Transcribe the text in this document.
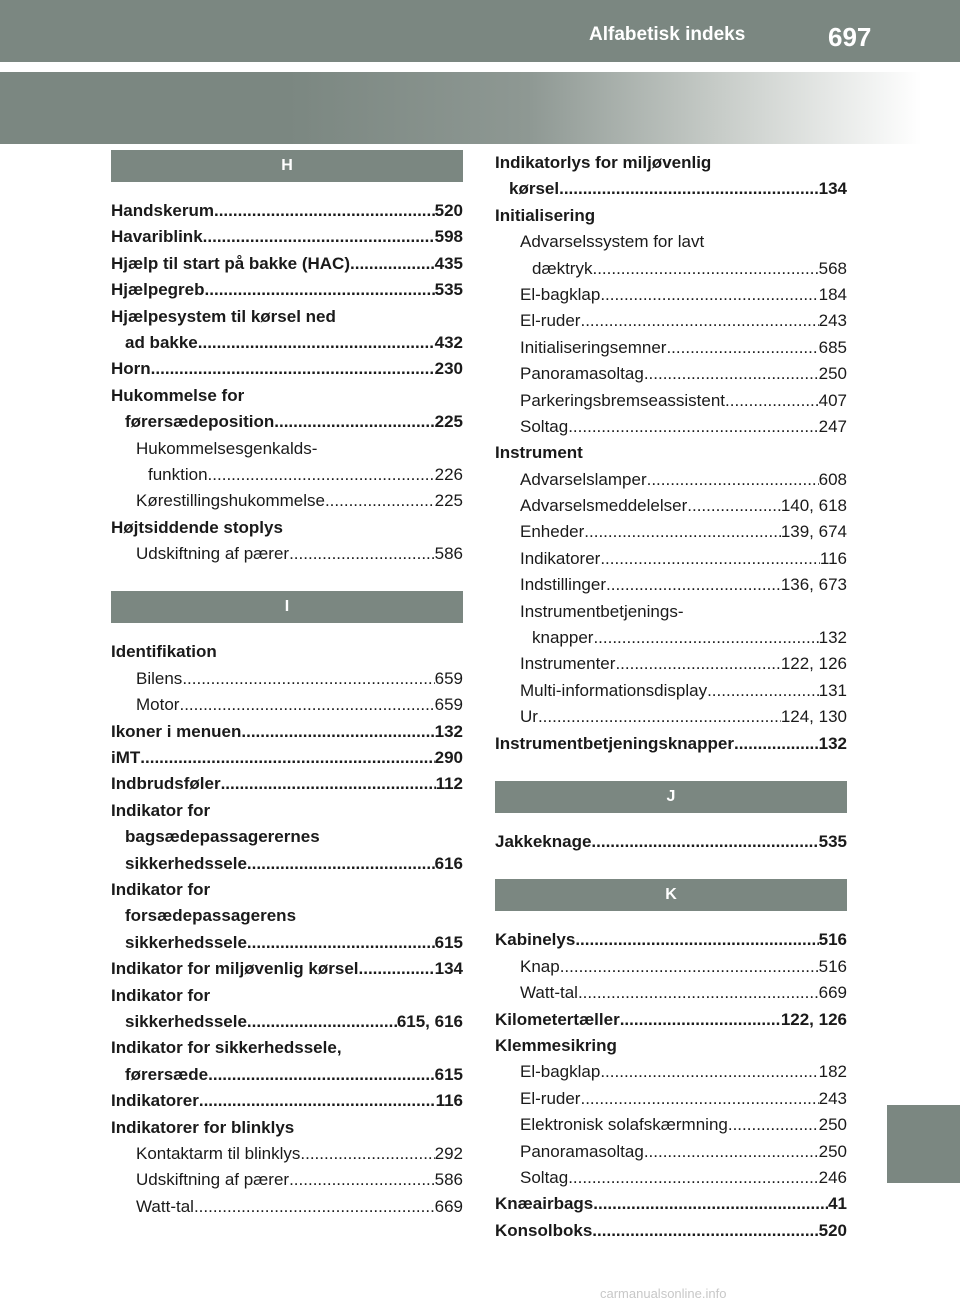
Alfabetisk indeks	697
H
Handskerum .....	520
Havariblink .....	598
Hjælp til start på bakke (HAC) .....	435
Hjælpegreb .....	535
Hjælpesystem til kørsel ned
ad bakke .....	432
Horn .....	230
Hukommelse for
førersædeposition .....	225
Hukommelsesgenkalds-
funktion .....	226
Kørestillingshukommelse .....	225
Højtsiddende stoplys
Udskiftning af pærer .....	586
I
Identifikation
Bilens .....	659
Motor .....	659
Ikoner i menuen .....	132
iMT .....	290
Indbrudsføler .....	112
Indikator for
bagsædepassagerernes
sikkerhedssele .....	616
Indikator for
forsædepassagerens
sikkerhedssele .....	615
Indikator for miljøvenlig kørsel .....	134
Indikator for
sikkerhedssele .....	615, 616
Indikator for sikkerhedssele,
førersæde .....	615
Indikatorer .....	116
Indikatorer for blinklys
Kontaktarm til blinklys .....	292
Udskiftning af pærer .....	586
Watt-tal .....	669
Indikatorlys for miljøvenlig
kørsel .....	134
Initialisering
Advarselssystem for lavt
dæktryk .....	568
El-bagklap .....	184
El-ruder .....	243
Initialiseringsemner .....	685
Panoramasoltag .....	250
Parkeringsbremseassistent .....	407
Soltag .....	247
Instrument
Advarselslamper .....	608
Advarselsmeddelelser .....	140, 618
Enheder .....	139, 674
Indikatorer .....	116
Indstillinger .....	136, 673
Instrumentbetjenings-
knapper .....	132
Instrumenter .....	122, 126
Multi-informationsdisplay .....	131
Ur .....	124, 130
Instrumentbetjeningsknapper .....	132
J
Jakkeknage .....	535
K
Kabinelys .....	516
Knap .....	516
Watt-tal .....	669
Kilometertæller .....	122, 126
Klemmesikring
El-bagklap .....	182
El-ruder .....	243
Elektronisk solafskærmning .....	250
Panoramasoltag .....	250
Soltag .....	246
Knæairbags .....	41
Konsolboks .....	520
carmanualsonline.info
